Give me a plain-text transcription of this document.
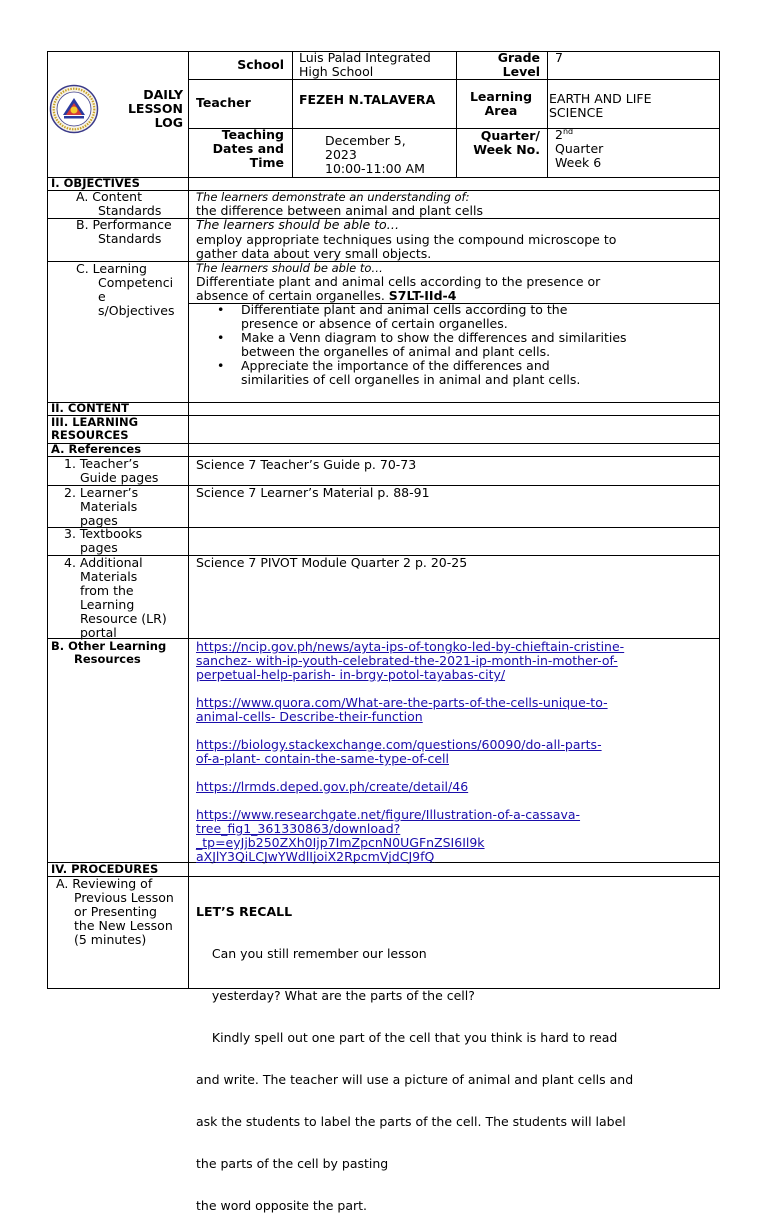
DAILY
LESSON
LOG
School Luis Palad Integrated
High School
Grade
Level
7
Teacher	FEZEH N.TALAVERA	Learning
Area
EARTH AND LIFE
SCIENCE
Teaching
Dates and
Time
December 5,
2023
10:00-11:00 AM
Quarter/
Week No.
2nd
Quarter
Week 6
I. OBJECTIVES
A. Content
Standards
The learners demonstrate an understanding of:
the difference between animal and plant cells
B. Performance
Standards
The learners should be able to…
employ appropriate techniques using the compound microscope to
gather data about very small objects.
C. Learning
Competenci
e
s/Objectives
The learners should be able to…
Differentiate plant and animal cells according to the presence or
absence of certain organelles. S7LT-IId-4
• Differentiate plant and animal cells according to the
presence or absence of certain organelles.
• Make a Venn diagram to show the differences and similarities
between the organelles of animal and plant cells.
• Appreciate the importance of the differences and
similarities of cell organelles in animal and plant cells.
II. CONTENT
III. LEARNING
RESOURCES
A. References
1. Teacher’s
Guide pages
Science 7 Teacher’s Guide p. 70-73
2. Learner’s
Materials
pages
Science 7 Learner’s Material p. 88-91
3. Textbooks
pages
4. Additional
Materials
from the
Learning
Resource (LR)
portal
Science 7 PIVOT Module Quarter 2 p. 20-25
B. Other Learning
Resources
https://ncip.gov.ph/news/ayta-ips-of-tongko-led-by-chieftain-cristine-
sanchez- with-ip-youth-celebrated-the-2021-ip-month-in-mother-of-
perpetual-help-parish- in-brgy-potol-tayabas-city/
https://www.quora.com/What-are-the-parts-of-the-cells-unique-to-
animal-cells- Describe-their-function
https://biology.stackexchange.com/questions/60090/do-all-parts-
of-a-plant- contain-the-same-type-of-cell
https://lrmds.deped.gov.ph/create/detail/46
https://www.researchgate.net/figure/Illustration-of-a-cassava-
tree_fig1_361330863/download?
_tp=eyJjb250ZXh0Ijp7ImZpcnN0UGFnZSI6Il9k
aXJlY3QiLCJwYWdlIjoiX2RpcmVjdCJ9fQ
IV. PROCEDURES
A. Reviewing of
Previous Lesson
or Presenting
the New Lesson
(5 minutes)

LET’S RECALL

Can you still remember our lesson

yesterday? What are the parts of the cell?

Kindly spell out one part of the cell that you think is hard to read

and write. The teacher will use a picture of animal and plant cells and

ask the students to label the parts of the cell. The students will label

the parts of the cell by pasting

the word opposite the part.
